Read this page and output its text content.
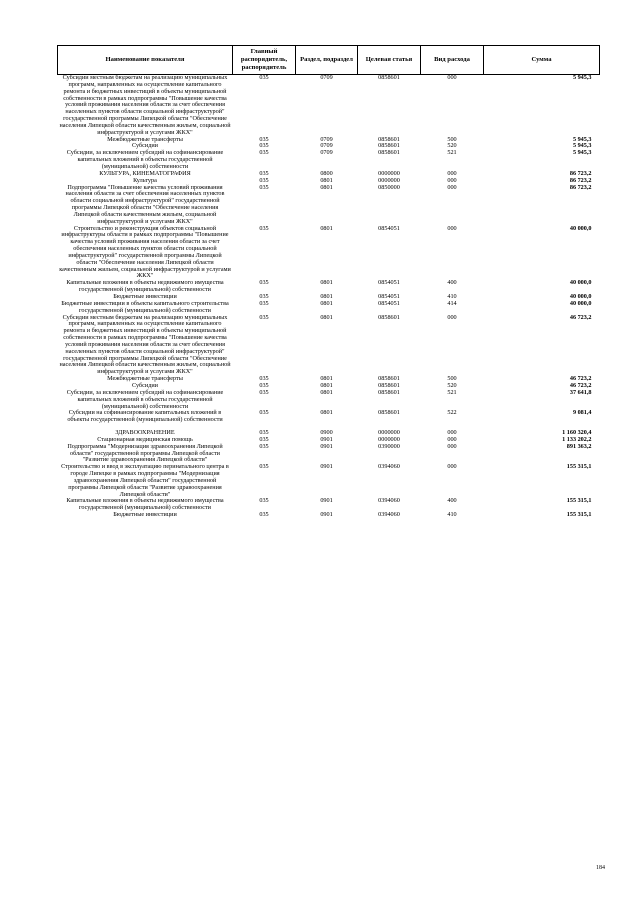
Наименование показателя	Главный распорядитель, распорядитель	Раздел, подраздел	Целевая статья	Вид расхода	Сумма
Субсидии местным бюджетам на реализацию муниципальных программ, направленных на осуществление капитального ремонта и бюджетных инвестиций в объекты муниципальной собственности в рамках подпрограммы "Повышение качества условий проживания населения области за счет обеспечения населенных пунктов области социальной инфраструктурой" государственной программы Липецкой области "Обеспечение населения Липецкой области качественным жильем, социальной инфраструктурой и услугами ЖКХ"	035	0709	0858601	000	5 945,3
Межбюджетные трансферты	035	0709	0858601	500	5 945,3
Субсидии	035	0709	0858601	520	5 945,3
Субсидии, за исключением субсидий на софинансирование капитальных вложений в объекты государственной (муниципальной) собственности	035	0709	0858601	521	5 945,3
КУЛЬТУРА, КИНЕМАТОГРАФИЯ	035	0800	0000000	000	86 723,2
Культура	035	0801	0000000	000	86 723,2
Подпрограмма "Повышение качества условий проживания населения области за счет обеспечения населенных пунктов области социальной инфраструктурой" государственной программы Липецкой области "Обеспечение населения Липецкой области качественным жильем, социальной инфраструктурой и услугами ЖКХ"	035	0801	0850000	000	86 723,2
Строительство и реконструкция объектов социальной инфраструктуры области в рамках подпрограммы "Повышение качества условий проживания населения области за счет обеспечения населенных пунктов области социальной инфраструктурой" государственной программы Липецкой области "Обеспечение населения Липецкой области качественным жильем, социальной инфраструктурой и услугами ЖКХ"	035	0801	0854051	000	40 000,0
Капитальные вложения в объекты недвижимого имущества государственной (муниципальной) собственности	035	0801	0854051	400	40 000,0
Бюджетные инвестиции	035	0801	0854051	410	40 000,0
Бюджетные инвестиции в объекты капитального строительства государственной (муниципальной) собственности	035	0801	0854051	414	40 000,0
Субсидии местным бюджетам на реализацию муниципальных программ, направленных на осуществление капитального ремонта и бюджетных инвестиций в объекты муниципальной собственности в рамках подпрограммы "Повышение качества условий проживания населения области за счет обеспечения населенных пунктов области социальной инфраструктурой" государственной программы Липецкой области "Обеспечение населения Липецкой области качественным жильем, социальной инфраструктурой и услугами ЖКХ"	035	0801	0858601	000	46 723,2
Межбюджетные трансферты	035	0801	0858601	500	46 723,2
Субсидии	035	0801	0858601	520	46 723,2
Субсидии, за исключением субсидий на софинансирование капитальных вложений в объекты государственной (муниципальной) собственности	035	0801	0858601	521	37 641,8
Субсидии на софинансирование капитальных вложений в объекты государственной (муниципальной) собственности	035	0801	0858601	522	9 081,4
ЗДРАВООХРАНЕНИЕ	035	0900	0000000	000	1 160 320,4
Стационарная медицинская помощь	035	0901	0000000	000	1 133 202,2
Подпрограмма "Модернизация здравоохранения Липецкой области" государственной программы Липецкой области "Развитие здравоохранения Липецкой области"	035	0901	0390000	000	891 363,2
Строительство и ввод в эксплуатацию перинатального центра в городе Липецке в рамках подпрограммы "Модернизация здравоохранения Липецкой области" государственной программы Липецкой области "Развитие здравоохранения Липецкой области"	035	0901	0394060	000	155 315,1
Капитальные вложения в объекты недвижимого имущества государственной (муниципальной) собственности	035	0901	0394060	400	155 315,1
Бюджетные инвестиции	035	0901	0394060	410	155 315,1
184
